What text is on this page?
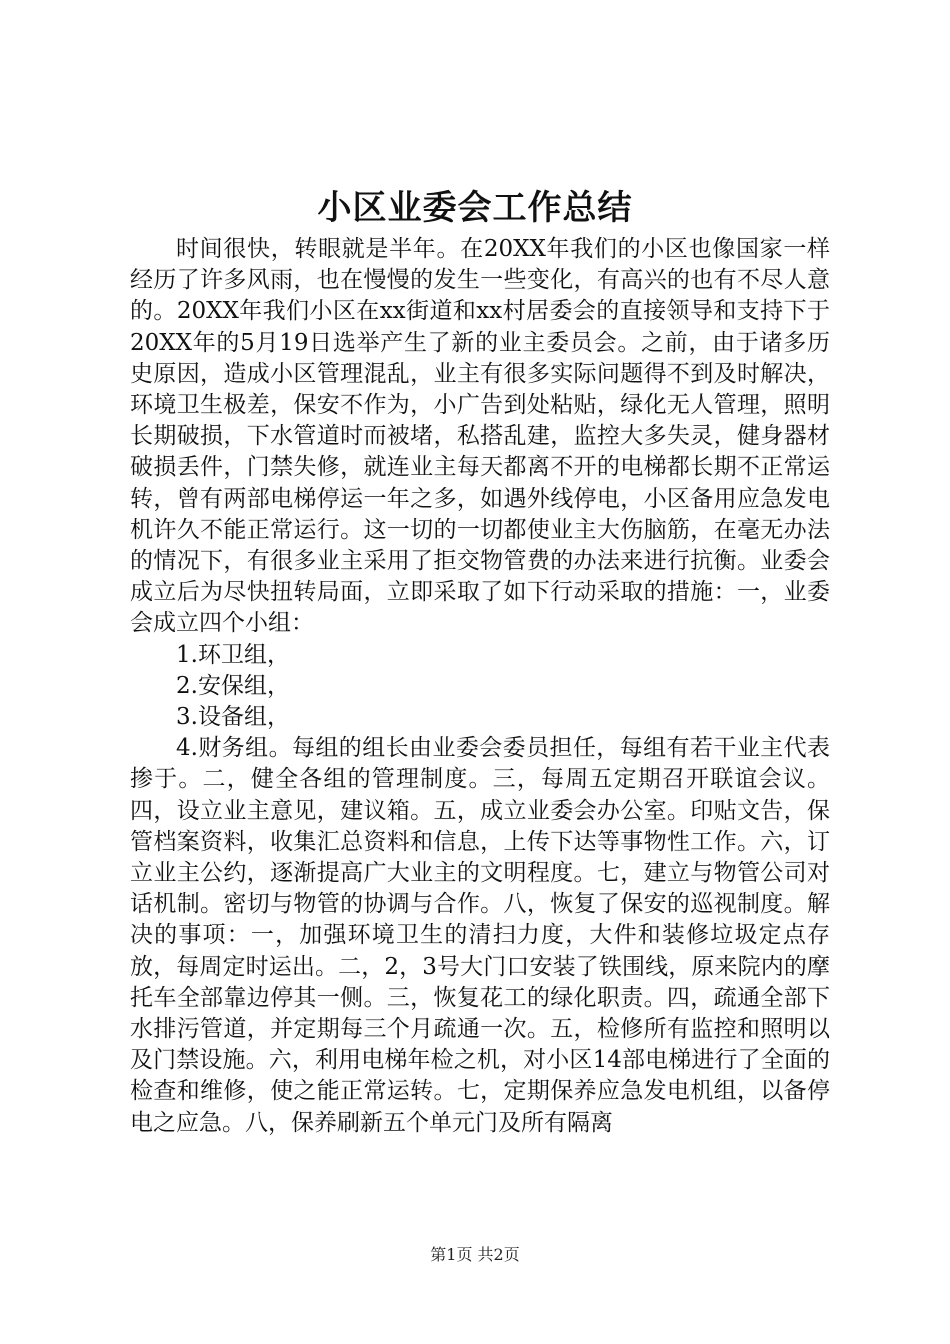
小区业委会工作总结

时间很快，转眼就是半年。在20XX年我们的小区也像国家一样经历了许多风雨，也在慢慢的发生一些变化，有高兴的也有不尽人意的。20XX年我们小区在xx街道和xx村居委会的直接领导和支持下于20XX年的5月19日选举产生了新的业主委员会。之前，由于诸多历史原因，造成小区管理混乱，业主有很多实际问题得不到及时解决，环境卫生极差，保安不作为，小广告到处粘贴，绿化无人管理，照明长期破损，下水管道时而被堵，私搭乱建，监控大多失灵，健身器材破损丢件，门禁失修，就连业主每天都离不开的电梯都长期不正常运转，曾有两部电梯停运一年之多，如遇外线停电，小区备用应急发电机许久不能正常运行。这一切的一切都使业主大伤脑筋，在毫无办法的情况下，有很多业主采用了拒交物管费的办法来进行抗衡。业委会成立后为尽快扭转局面，立即采取了如下行动采取的措施：一，业委会成立四个小组：

1.环卫组，

2.安保组，

3.设备组，

4.财务组。每组的组长由业委会委员担任，每组有若干业主代表掺于。二，健全各组的管理制度。三，每周五定期召开联谊会议。四，设立业主意见，建议箱。五，成立业委会办公室。印贴文告，保管档案资料，收集汇总资料和信息，上传下达等事物性工作。六，订立业主公约，逐渐提高广大业主的文明程度。七，建立与物管公司对话机制。密切与物管的协调与合作。八，恢复了保安的巡视制度。解决的事项：一，加强环境卫生的清扫力度，大件和装修垃圾定点存放，每周定时运出。二，2，3号大门口安装了铁围线，原来院内的摩托车全部靠边停其一侧。三，恢复花工的绿化职责。四，疏通全部下水排污管道，并定期每三个月疏通一次。五，检修所有监控和照明以及门禁设施。六，利用电梯年检之机，对小区14部电梯进行了全面的检查和维修，使之能正常运转。七，定期保养应急发电机组，以备停电之应急。八，保养刷新五个单元门及所有隔离

第1页 共2页
